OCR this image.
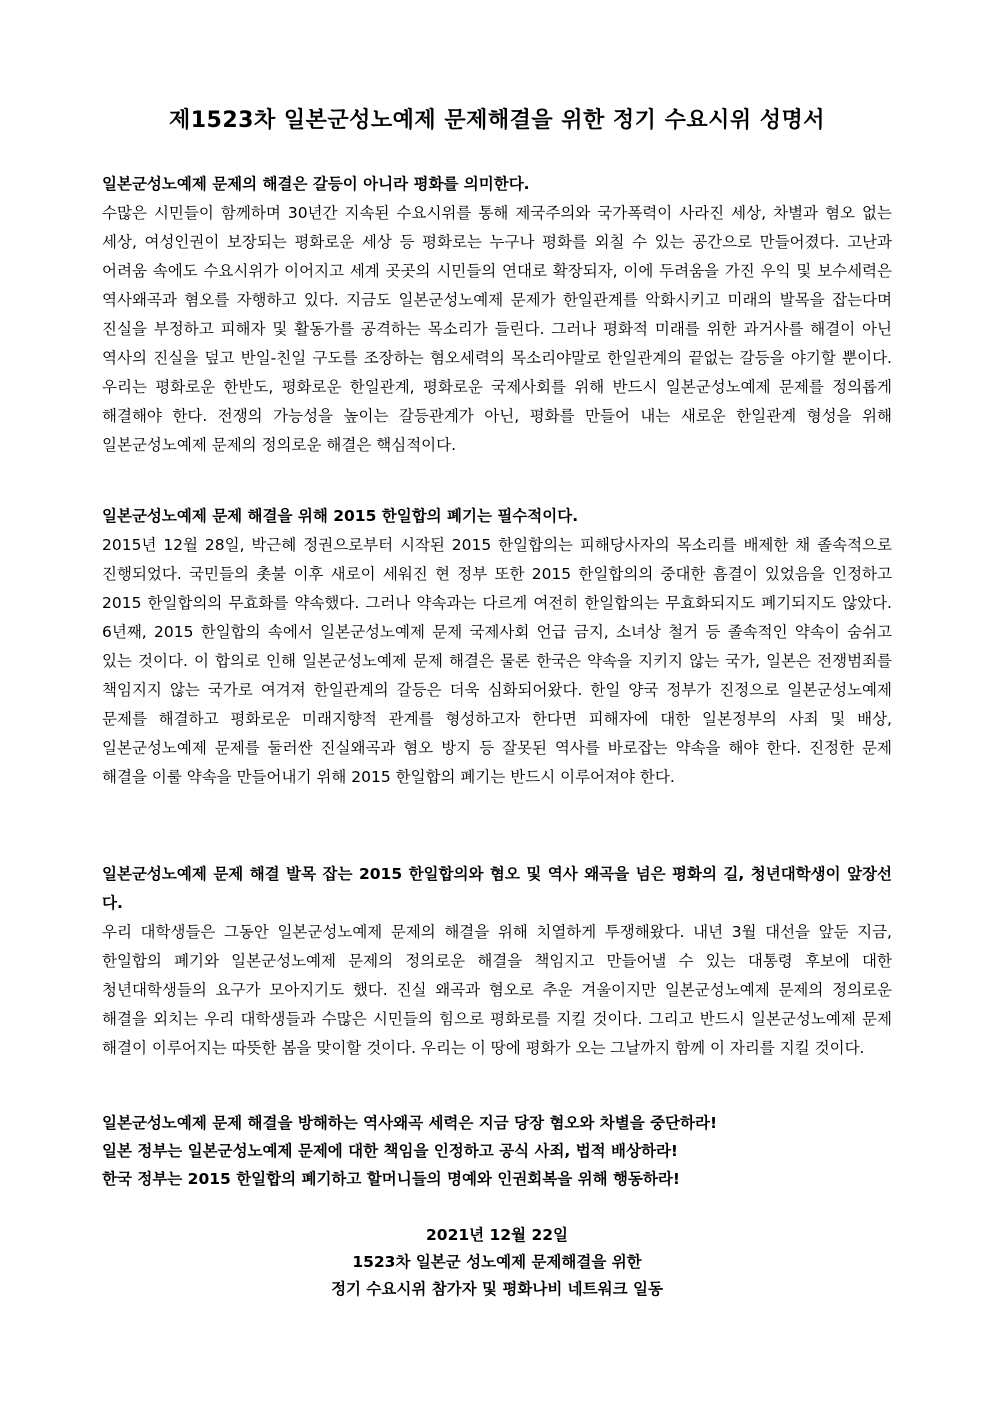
제1523차 일본군성노예제 문제해결을 위한 정기 수요시위 성명서
일본군성노예제 문제의 해결은 갈등이 아니라 평화를 의미한다.
수많은 시민들이 함께하며 30년간 지속된 수요시위를 통해 제국주의와 국가폭력이 사라진 세상, 차별과 혐오 없는 세상, 여성인권이 보장되는 평화로운 세상 등 평화로는 누구나 평화를 외칠 수 있는 공간으로 만들어졌다. 고난과 어려움 속에도 수요시위가 이어지고 세계 곳곳의 시민들의 연대로 확장되자, 이에 두려움을 가진 우익 및 보수세력은 역사왜곡과 혐오를 자행하고 있다. 지금도 일본군성노예제 문제가 한일관계를 악화시키고 미래의 발목을 잡는다며 진실을 부정하고 피해자 및 활동가를 공격하는 목소리가 들린다. 그러나 평화적 미래를 위한 과거사를 해결이 아닌 역사의 진실을 덮고 반일-친일 구도를 조장하는 혐오세력의 목소리야말로 한일관계의 끝없는 갈등을 야기할 뿐이다. 우리는 평화로운 한반도, 평화로운 한일관계, 평화로운 국제사회를 위해 반드시 일본군성노예제 문제를 정의롭게 해결해야 한다. 전쟁의 가능성을 높이는 갈등관계가 아닌, 평화를 만들어 내는 새로운 한일관계 형성을 위해 일본군성노예제 문제의 정의로운 해결은 핵심적이다.
일본군성노예제 문제 해결을 위해 2015 한일합의 폐기는 필수적이다.
2015년 12월 28일, 박근혜 정권으로부터 시작된 2015 한일합의는 피해당사자의 목소리를 배제한 채 졸속적으로 진행되었다. 국민들의 촛불 이후 새로이 세워진 현 정부 또한 2015 한일합의의 중대한 흠결이 있었음을 인정하고 2015 한일합의의 무효화를 약속했다. 그러나 약속과는 다르게 여전히 한일합의는 무효화되지도 폐기되지도 않았다. 6년째, 2015 한일합의 속에서 일본군성노예제 문제 국제사회 언급 금지, 소녀상 철거 등 졸속적인 약속이 숨쉬고 있는 것이다. 이 합의로 인해 일본군성노예제 문제 해결은 물론 한국은 약속을 지키지 않는 국가, 일본은 전쟁범죄를 책임지지 않는 국가로 여겨져 한일관계의 갈등은 더욱 심화되어왔다. 한일 양국 정부가 진정으로 일본군성노예제 문제를 해결하고 평화로운 미래지향적 관계를 형성하고자 한다면 피해자에 대한 일본정부의 사죄 및 배상, 일본군성노예제 문제를 둘러싼 진실왜곡과 혐오 방지 등 잘못된 역사를 바로잡는 약속을 해야 한다. 진정한 문제 해결을 이룰 약속을 만들어내기 위해 2015 한일합의 폐기는 반드시 이루어져야 한다.
일본군성노예제 문제 해결 발목 잡는 2015 한일합의와 혐오 및 역사 왜곡을 넘은 평화의 길, 청년대학생이 앞장선다.
우리 대학생들은 그동안 일본군성노예제 문제의 해결을 위해 치열하게 투쟁해왔다. 내년 3월 대선을 앞둔 지금, 한일합의 폐기와 일본군성노예제 문제의 정의로운 해결을 책임지고 만들어낼 수 있는 대통령 후보에 대한 청년대학생들의 요구가 모아지기도 했다. 진실 왜곡과 혐오로 추운 겨울이지만 일본군성노예제 문제의 정의로운 해결을 외치는 우리 대학생들과 수많은 시민들의 힘으로 평화로를 지킬 것이다. 그리고 반드시 일본군성노예제 문제 해결이 이루어지는 따뜻한 봄을 맞이할 것이다. 우리는 이 땅에 평화가 오는 그날까지 함께 이 자리를 지킬 것이다.
일본군성노예제 문제 해결을 방해하는 역사왜곡 세력은 지금 당장 혐오와 차별을 중단하라!
일본 정부는 일본군성노예제 문제에 대한 책임을 인정하고 공식 사죄, 법적 배상하라!
한국 정부는 2015 한일합의 폐기하고 할머니들의 명예와 인권회복을 위해 행동하라!
2021년 12월 22일
1523차 일본군 성노예제 문제해결을 위한
정기 수요시위 참가자 및 평화나비 네트워크 일동
